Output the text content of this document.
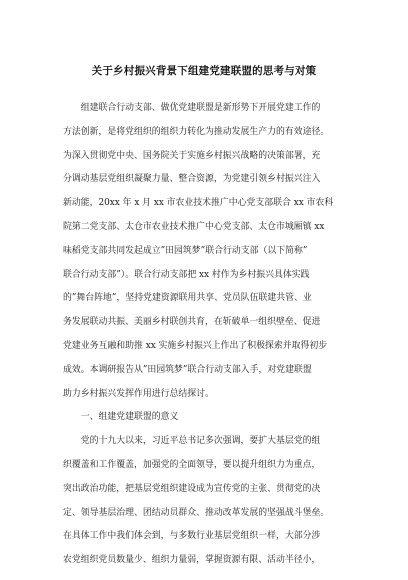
关于乡村振兴背景下组建党建联盟的思考与对策
组建联合行动支部、做优党建联盟是新形势下开展党建工作的
方法创新，是将党组织的组织力转化为推动发展生产力的有效途径。
为深入贯彻党中央、国务院关于实施乡村振兴战略的决策部署，充
分调动基层党组织凝聚力量、整合资源，为党建引领乡村振兴注入
新动能，20xx 年 x 月 xx 市农业技术推广中心党支部联合 xx 市农科
院第二党支部、太仓市农业技术推广中心党支部、太仓市城厢镇 xx
味稻党支部共同发起成立”田园筑梦”联合行动支部（以下简称”
联合行动支部”）。联合行动支部把 xx 村作为乡村振兴具体实践
的”舞台阵地”，坚持党建资源联用共享、党员队伍联建共管、业
务发展联动共振、美丽乡村联创共育，在斩破单一组织壁垒、促进
党建业务互融和助推 xx 实施乡村振兴上作出了积极探索并取得初步
成效。本调研报告从”田园筑梦”联合行动支部入手，对党建联盟
助力乡村振兴发挥作用进行总结探讨。
一、组建党建联盟的意义
党的十九大以来，习近平总书记多次强调，要扩大基层党的组
织覆盖和工作覆盖，加强党的全面领导，要以提升组织力为重点，
突出政治功能，把基层党组织建设成为宣传党的主张、贯彻党的决
定、领导基层治理、团结动员群众、推动改革发展的坚强战斗堡垒。
在具体工作中我们体会到，与多数行业基层党组织一样，大部分涉
农党组织党员数量少、组织力量弱，掌握资源有限、活动半径小，
